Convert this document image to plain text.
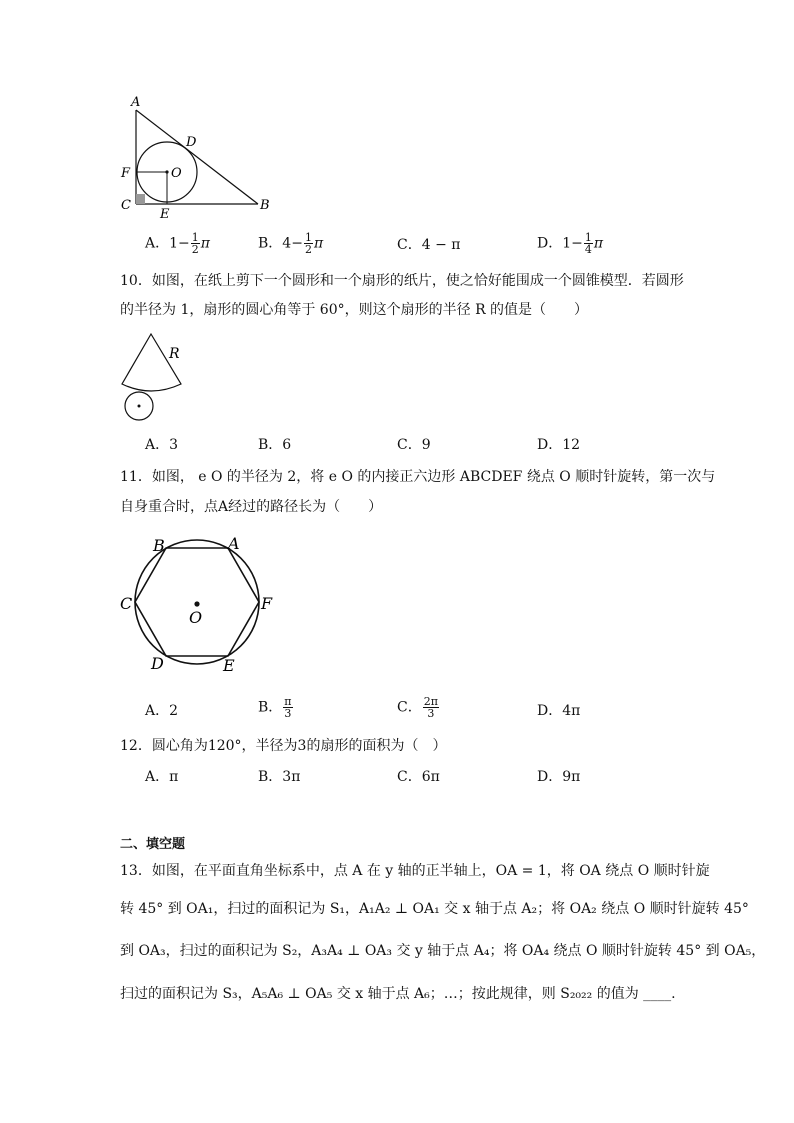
A
D
F	O
C
E
B
A．$1- \frac{1}{2}$ π	B．$4- \frac{1}{2}$ π	C．4 − π	D．$1- \frac{1}{4}$ π
10．如图，在纸上剪下一个圆形和一个扇形的纸片，使之恰好能围成一个圆锥模型．若圆形
的半径为 1，扇形的圆心角等于 60°，则这个扇形的半径 R 的值是（　　）
R
A．3	B．6	C．9	D．12
11．如图， e O 的半径为 2，将 e O 的内接正六边形 ABCDEF 绕点 O 顺时针旋转，第一次与
自身重合时，点A经过的路径长为（　　）
B	A
C	F
O
D	E
A．2	B． $\frac{\pi}{3}$	C． $\frac{2\pi}{3}$	D．4π
12．圆心角为120°，半径为3的扇形的面积为（　）
A．π	B．3π	C．6π	D．9π
二、填空题
13．如图，在平面直角坐标系中，点 A 在 y 轴的正半轴上，OA = 1，将 OA 绕点 O 顺时针旋
转 45° 到 OA₁，扫过的面积记为 S₁，A₁A₂ ⊥ OA₁ 交 x 轴于点 A₂；将 OA₂ 绕点 O 顺时针旋转 45°
到 OA₃，扫过的面积记为 S₂，A₃A₄ ⊥ OA₃ 交 y 轴于点 A₄；将 OA₄ 绕点 O 顺时针旋转 45° 到 OA₅，
扫过的面积记为 S₃，A₅A₆ ⊥ OA₅ 交 x 轴于点 A₆；…；按此规律，则 S₂₀₂₂ 的值为 ____.
